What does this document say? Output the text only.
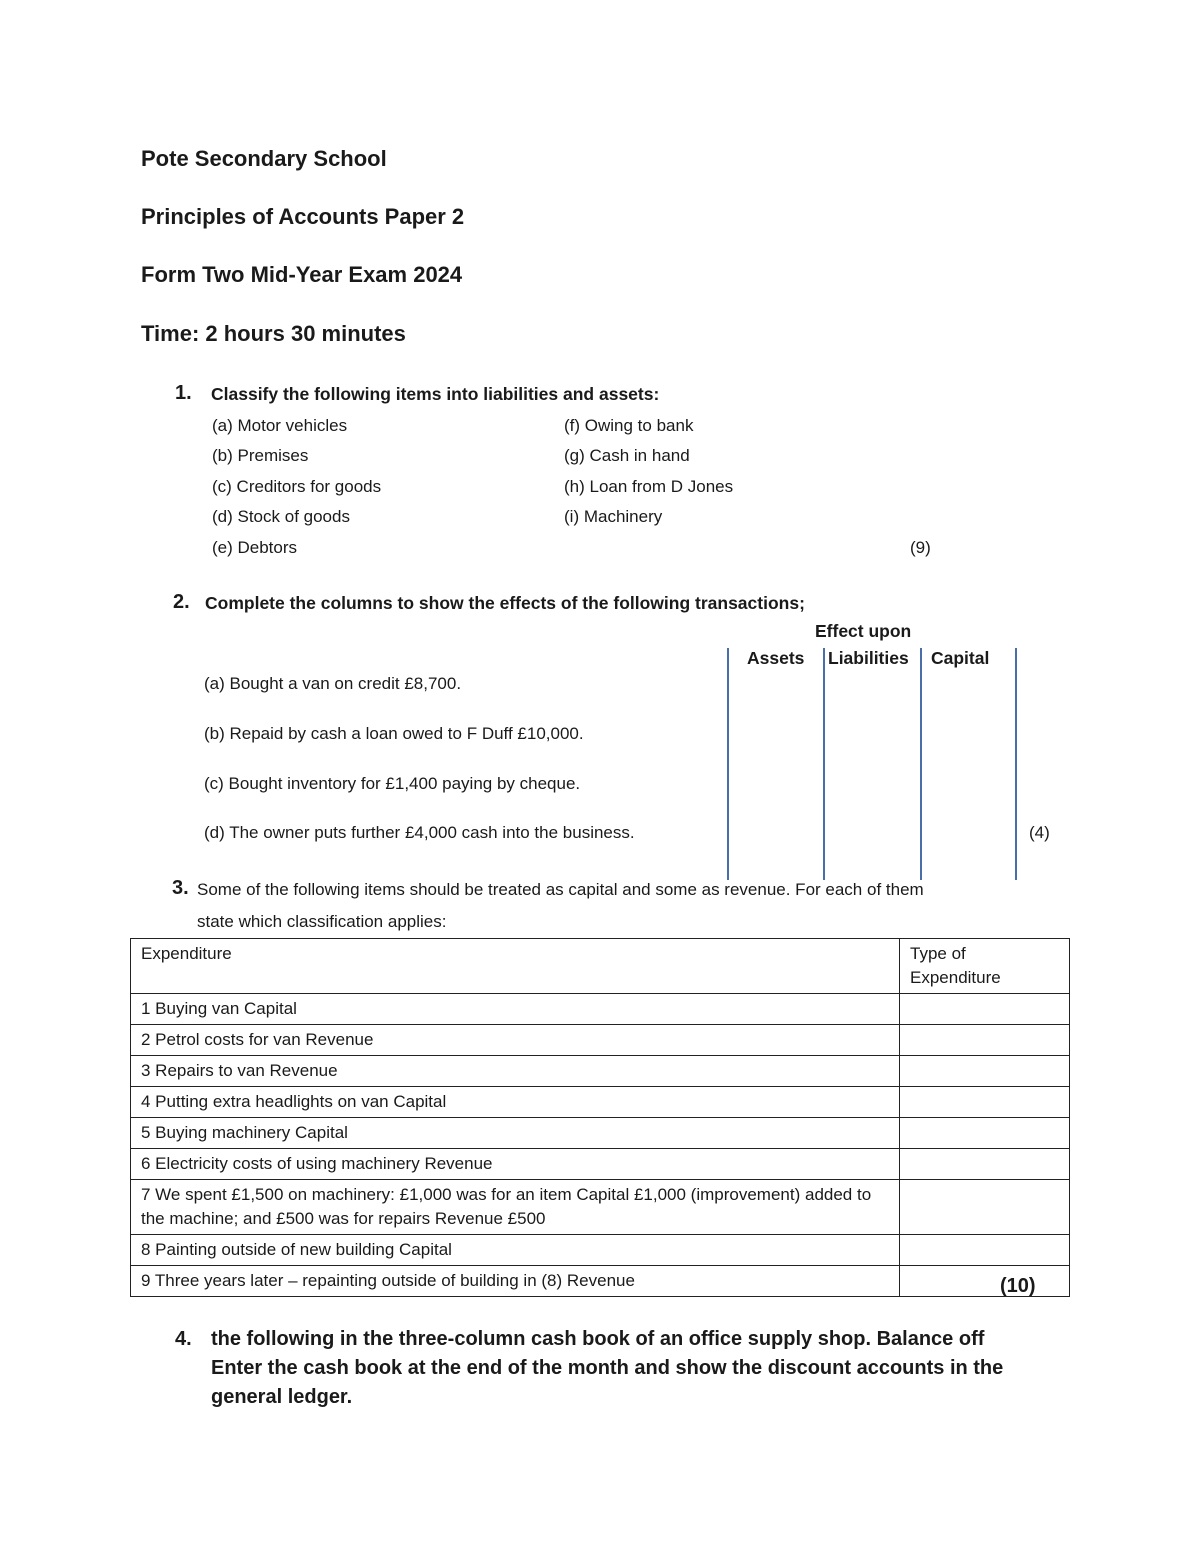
Pote Secondary School
Principles of Accounts Paper 2
Form Two Mid-Year Exam 2024
Time: 2 hours 30 minutes
1. Classify the following items into liabilities and assets:
(a) Motor vehicles
(b) Premises
(c) Creditors for goods
(d) Stock of goods
(e) Debtors
(f) Owing to bank
(g) Cash in hand
(h) Loan from D Jones
(i) Machinery
(9)
2. Complete the columns to show the effects of the following transactions;
Effect upon
Assets Liabilities Capital
(a) Bought a van on credit £8,700.
(b) Repaid by cash a loan owed to F Duff £10,000.
(c) Bought inventory for £1,400 paying by cheque.
(d) The owner puts further £4,000 cash into the business.	(4)
3. Some of the following items should be treated as capital and some as revenue. For each of them
state which classification applies:
Expenditure	Type of Expenditure
1 Buying van Capital	
2 Petrol costs for van Revenue	
3 Repairs to van Revenue	
4 Putting extra headlights on van Capital	
5 Buying machinery Capital	
6 Electricity costs of using machinery Revenue	
7 We spent £1,500 on machinery: £1,000 was for an item Capital £1,000 (improvement) added to the machine; and £500 was for repairs Revenue £500	
8 Painting outside of new building Capital	
9 Three years later – repainting outside of building in (8) Revenue		(10)
4. the following in the three-column cash book of an office supply shop. Balance off
Enter the cash book at the end of the month and show the discount accounts in the
general ledger.
